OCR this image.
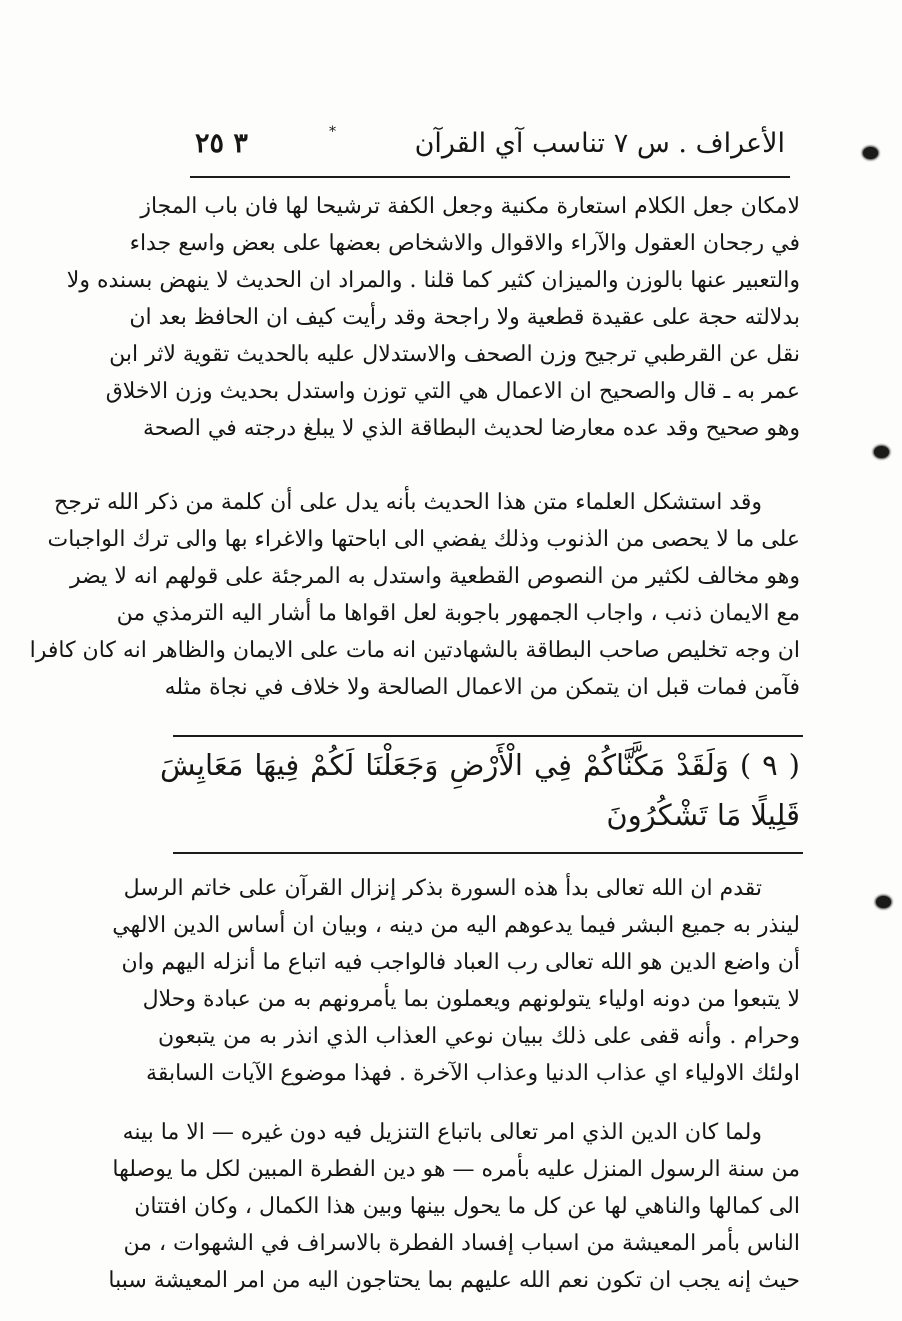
الأعراف . س ٧
تناسب آي القرآن
٣ ٢٥	*
لامكان جعل الكلام استعارة مكنية وجعل الكفة ترشيحا لها فان باب المجاز
في رجحان العقول والآراء والاقوال والاشخاص بعضها على بعض واسع جداء
والتعبير عنها بالوزن والميزان كثير كما قلنا . والمراد ان الحديث لا ينهض بسنده ولا
بدلالته حجة على عقيدة قطعية ولا راجحة وقد رأيت كيف ان الحافظ بعد ان
نقل عن القرطبي ترجيح وزن الصحف والاستدلال عليه بالحديث تقوية لاثر ابن
عمر به ـ قال والصحيح ان الاعمال هي التي توزن واستدل بحديث وزن الاخلاق
وهو صحيح وقد عده معارضا لحديث البطاقة الذي لا يبلغ درجته في الصحة
وقد استشكل العلماء متن هذا الحديث بأنه يدل على أن كلمة من ذكر الله ترجح
على ما لا يحصى من الذنوب وذلك يفضي الى اباحتها والاغراء بها والى ترك الواجبات
وهو مخالف لكثير من النصوص القطعية واستدل به المرجئة على قولهم انه لا يضر
مع الايمان ذنب ، واجاب الجمهور باجوبة لعل اقواها ما أشار اليه الترمذي من
ان وجه تخليص صاحب البطاقة بالشهادتين انه مات على الايمان والظاهر انه كان كافرا
فآمن فمات قبل ان يتمكن من الاعمال الصالحة ولا خلاف في نجاة مثله
( ٩ ) وَلَقَدْ مَكَّنَّاكُمْ فِي الْأَرْضِ وَجَعَلْنَا لَكُمْ فِيهَا مَعَايِشَ
قَلِيلًا مَا تَشْكُرُونَ
تقدم ان الله تعالى بدأ هذه السورة بذكر إنزال القرآن على خاتم الرسل
لينذر به جميع البشر فيما يدعوهم اليه من دينه ، وبيان ان أساس الدين الالهي
أن واضع الدين هو الله تعالى رب العباد فالواجب فيه اتباع ما أنزله اليهم وان
لا يتبعوا من دونه اولياء يتولونهم ويعملون بما يأمرونهم به من عبادة وحلال
وحرام . وأنه قفى على ذلك ببيان نوعي العذاب الذي انذر به من يتبعون
اولئك الاولياء اي عذاب الدنيا وعذاب الآخرة . فهذا موضوع الآيات السابقة
ولما كان الدين الذي امر تعالى باتباع التنزيل فيه دون غيره — الا ما بينه
من سنة الرسول المنزل عليه بأمره — هو دين الفطرة المبين لكل ما يوصلها
الى كمالها والناهي لها عن كل ما يحول بينها وبين هذا الكمال ، وكان افتتان
الناس بأمر المعيشة من اسباب إفساد الفطرة بالاسراف في الشهوات ، من
حيث إنه يجب ان تكون نعم الله عليهم بما يحتاجون اليه من امر المعيشة سببا
